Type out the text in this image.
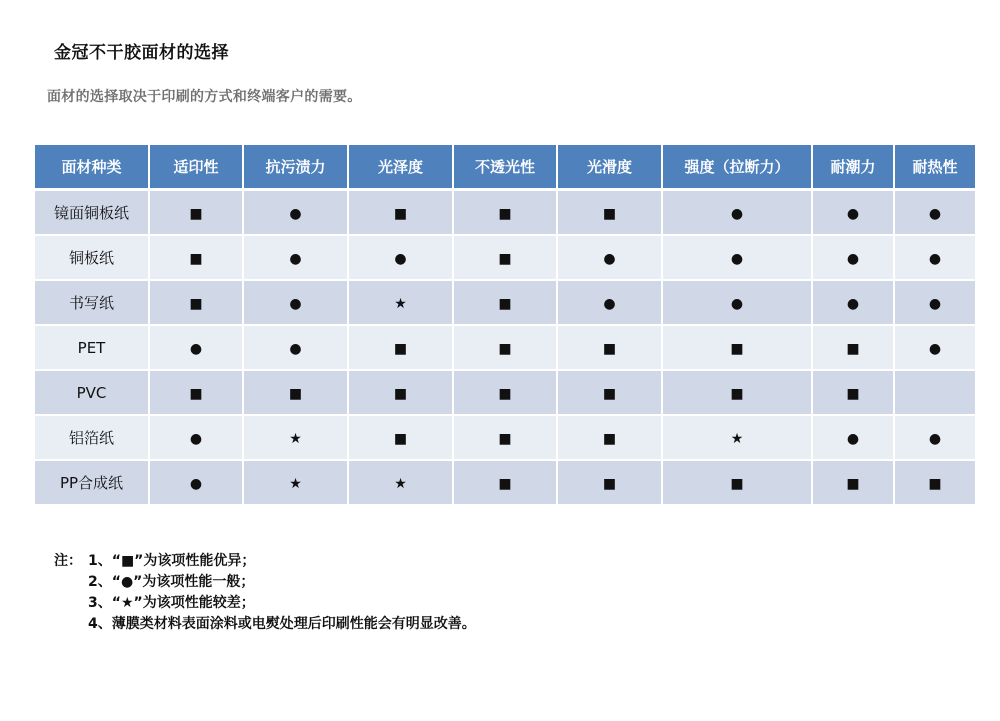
金冠不干胶面材的选择
面材的选择取决于印刷的方式和终端客户的需要。
面材种类	适印性	抗污渍力	光泽度	不透光性	光滑度	强度（拉断力）	耐潮力	耐热性
镜面铜板纸	■	●	■	■	■	●	●	●
铜板纸	■	●	●	■	●	●	●	●
书写纸	■	●	★	■	●	●	●	●
PET	●	●	■	■	■	■	■	●
PVC	■	■	■	■	■	■	■	
铝箔纸	●	★	■	■	■	★	●	●
PP合成纸	●	★	★	■	■	■	■	■
注： 1、“■”为该项性能优异；
2、“●”为该项性能一般；
3、“★”为该项性能较差；
4、薄膜类材料表面涂料或电熨处理后印刷性能会有明显改善。
